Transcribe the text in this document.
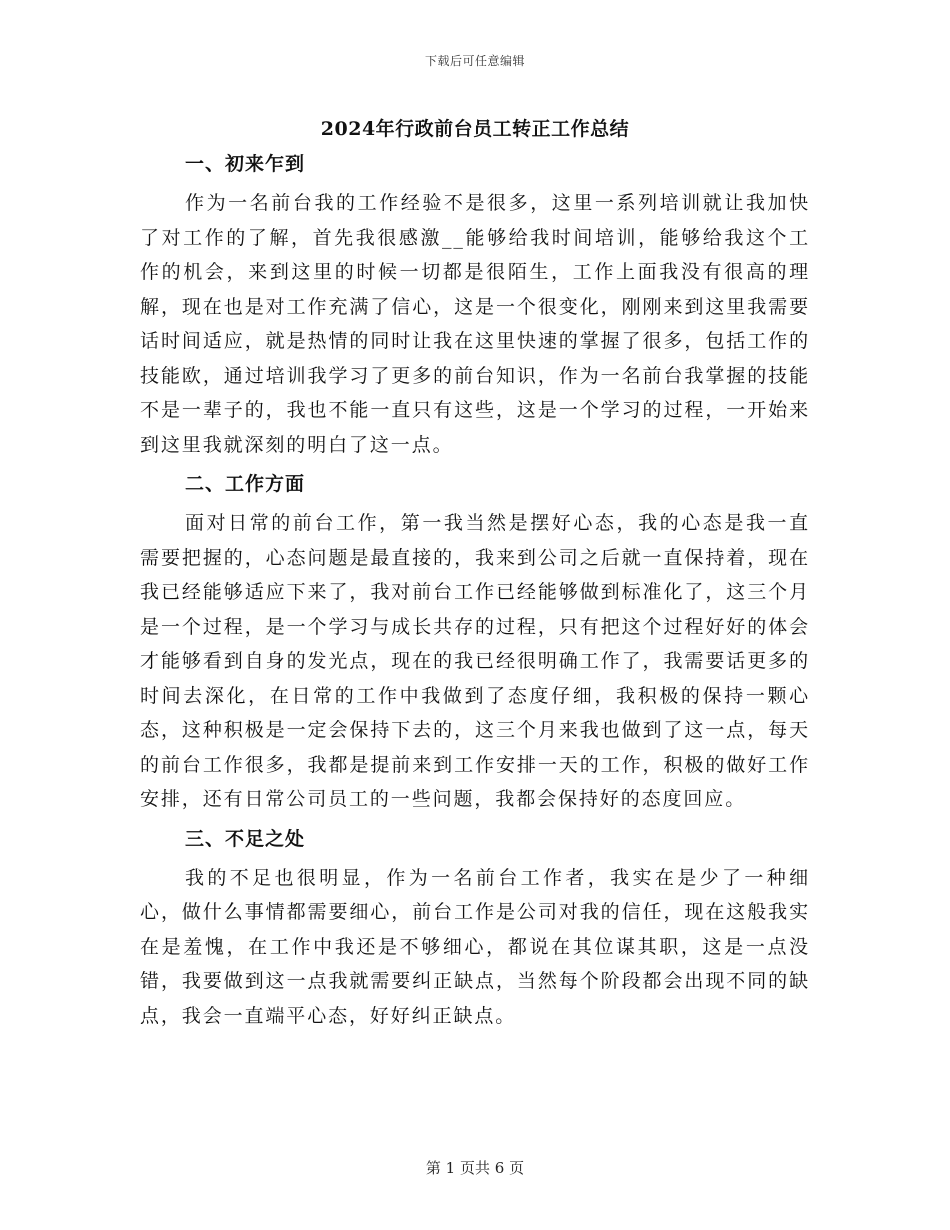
下载后可任意编辑
2024年行政前台员工转正工作总结
一、初来乍到

作为一名前台我的工作经验不是很多，这里一系列培训就让我加快了对工作的了解，首先我很感激__能够给我时间培训，能够给我这个工作的机会，来到这里的时候一切都是很陌生，工作上面我没有很高的理解，现在也是对工作充满了信心，这是一个很变化，刚刚来到这里我需要话时间适应，就是热情的同时让我在这里快速的掌握了很多，包括工作的技能欧，通过培训我学习了更多的前台知识，作为一名前台我掌握的技能不是一辈子的，我也不能一直只有这些，这是一个学习的过程，一开始来到这里我就深刻的明白了这一点。

二、工作方面

面对日常的前台工作，第一我当然是摆好心态，我的心态是我一直需要把握的，心态问题是最直接的，我来到公司之后就一直保持着，现在我已经能够适应下来了，我对前台工作已经能够做到标准化了，这三个月是一个过程，是一个学习与成长共存的过程，只有把这个过程好好的体会才能够看到自身的发光点，现在的我已经很明确工作了，我需要话更多的时间去深化，在日常的工作中我做到了态度仔细，我积极的保持一颗心态，这种积极是一定会保持下去的，这三个月来我也做到了这一点，每天的前台工作很多，我都是提前来到工作安排一天的工作，积极的做好工作安排，还有日常公司员工的一些问题，我都会保持好的态度回应。

三、不足之处

我的不足也很明显，作为一名前台工作者，我实在是少了一种细心，做什么事情都需要细心，前台工作是公司对我的信任，现在这般我实在是羞愧，在工作中我还是不够细心，都说在其位谋其职，这是一点没错，我要做到这一点我就需要纠正缺点，当然每个阶段都会出现不同的缺点，我会一直端平心态，好好纠正缺点。

第 1 页共 6 页
